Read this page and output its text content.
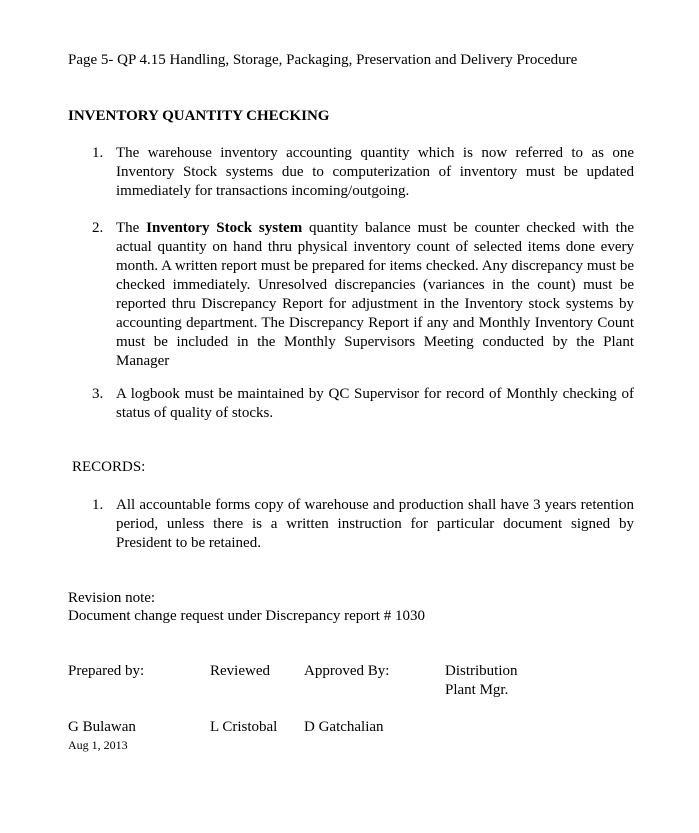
Page 5- QP 4.15 Handling, Storage, Packaging, Preservation and Delivery Procedure
INVENTORY QUANTITY CHECKING
1. The warehouse inventory accounting quantity which is now referred to as one Inventory Stock systems due to computerization of inventory must be updated immediately for transactions incoming/outgoing.
2. The Inventory Stock system quantity balance must be counter checked with the actual quantity on hand thru physical inventory count of selected items done every month. A written report must be prepared for items checked. Any discrepancy must be checked immediately. Unresolved discrepancies (variances in the count) must be reported thru Discrepancy Report for adjustment in the Inventory stock systems by accounting department. The Discrepancy Report if any and Monthly Inventory Count must be included in the Monthly Supervisors Meeting conducted by the Plant Manager
3. A logbook must be maintained by QC Supervisor for record of Monthly checking of status of quality of stocks.
RECORDS:
1. All accountable forms copy of warehouse and production shall have 3 years retention period, unless there is a written instruction for particular document signed by President to be retained.
Revision note:
Document change request under Discrepancy report # 1030
Prepared by:	Reviewed Approved By:	Distribution
Plant Mgr.
G Bulawan
Aug 1, 2013
L Cristobal D Gatchalian
